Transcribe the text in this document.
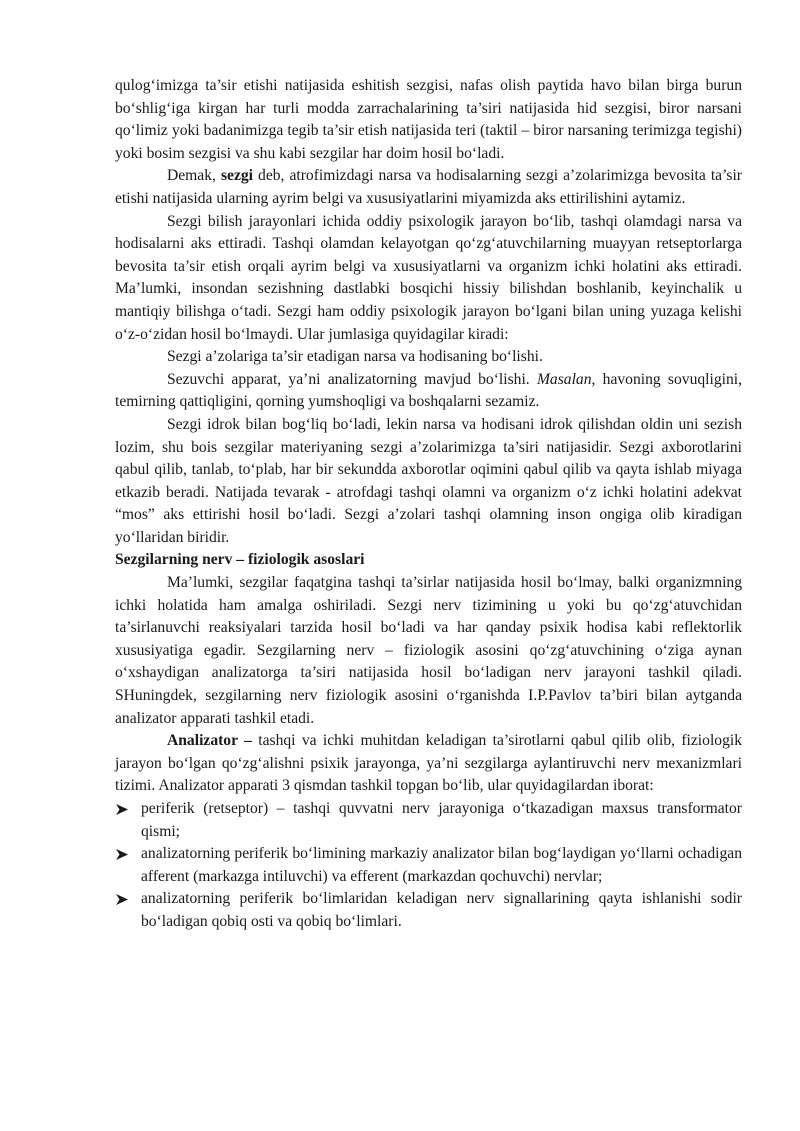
qulog‘imizga ta’sir etishi natijasida eshitish sezgisi, nafas olish paytida havo bilan birga burun bo‘shlig‘iga kirgan har turli modda zarrachalarining ta’siri natijasida hid sezgisi, biror narsani qo‘limiz yoki badanimizga tegib ta’sir etish natijasida teri (taktil – biror narsaning terimizga tegishi) yoki bosim sezgisi va shu kabi sezgilar har doim hosil bo‘ladi.

Demak, sezgi deb, atrofimizdagi narsa va hodisalarning sezgi a’zolarimizga bevosita ta’sir etishi natijasida ularning ayrim belgi va xususiyatlarini miyamizda aks ettirilishini aytamiz.

Sezgi bilish jarayonlari ichida oddiy psixologik jarayon bo‘lib, tashqi olamdagi narsa va hodisalarni aks ettiradi. Tashqi olamdan kelayotgan qo‘zg‘atuvchilarning muayyan retseptorlarga bevosita ta’sir etish orqali ayrim belgi va xususiyatlarni va organizm ichki holatini aks ettiradi. Ma’lumki, insondan sezishning dastlabki bosqichi hissiy bilishdan boshlanib, keyinchalik u mantiqiy bilishga o‘tadi. Sezgi ham oddiy psixologik jarayon bo‘lgani bilan uning yuzaga kelishi o‘z-o‘zidan hosil bo‘lmaydi. Ular jumlasiga quyidagilar kiradi:

Sezgi a’zolariga ta’sir etadigan narsa va hodisaning bo‘lishi.

Sezuvchi apparat, ya’ni analizatorning mavjud bo‘lishi. Masalan, havoning sovuqligini, temirning qattiqligini, qorning yumshoqligi va boshqalarni sezamiz.

Sezgi idrok bilan bog‘liq bo‘ladi, lekin narsa va hodisani idrok qilishdan oldin uni sezish lozim, shu bois sezgilar materiyaning sezgi a’zolarimizga ta’siri natijasidir. Sezgi axborotlarini qabul qilib, tanlab, to‘plab, har bir sekundda axborotlar oqimini qabul qilib va qayta ishlab miyaga etkazib beradi. Natijada tevarak - atrofdagi tashqi olamni va organizm o‘z ichki holatini adekvat “mos” aks ettirishi hosil bo‘ladi. Sezgi a’zolari tashqi olamning inson ongiga olib kiradigan yo‘llaridan biridir.

Sezgilarning nerv – fiziologik asoslari

Ma’lumki, sezgilar faqatgina tashqi ta’sirlar natijasida hosil bo‘lmay, balki organizmning ichki holatida ham amalga oshiriladi. Sezgi nerv tizimining u yoki bu qo‘zg‘atuvchidan ta’sirlanuvchi reaksiyalari tarzida hosil bo‘ladi va har qanday psixik hodisa kabi reflektorlik xususiyatiga egadir. Sezgilarning nerv – fiziologik asosini qo‘zg‘atuvchining o‘ziga aynan o‘xshaydigan analizatorga ta’siri natijasida hosil bo‘ladigan nerv jarayoni tashkil qiladi. SHuningdek, sezgilarning nerv fiziologik asosini o‘rganishda I.P.Pavlov ta’biri bilan aytganda analizator apparati tashkil etadi.

Analizator – tashqi va ichki muhitdan keladigan ta’sirotlarni qabul qilib olib, fiziologik jarayon bo‘lgan qo‘zg‘alishni psixik jarayonga, ya’ni sezgilarga aylantiruvchi nerv mexanizmlari tizimi. Analizator apparati 3 qismdan tashkil topgan bo‘lib, ular quyidagilardan iborat:

periferik (retseptor) – tashqi quvvatni nerv jarayoniga o‘tkazadigan maxsus transformator qismi;
analizatorning periferik bo‘limining markaziy analizator bilan bog‘laydigan yo‘llarni ochadigan afferent (markazga intiluvchi) va efferent (markazdan qochuvchi) nervlar;
analizatorning periferik bo‘limlaridan keladigan nerv signallarining qayta ishlanishi sodir bo‘ladigan qobiq osti va qobiq bo‘limlari.
